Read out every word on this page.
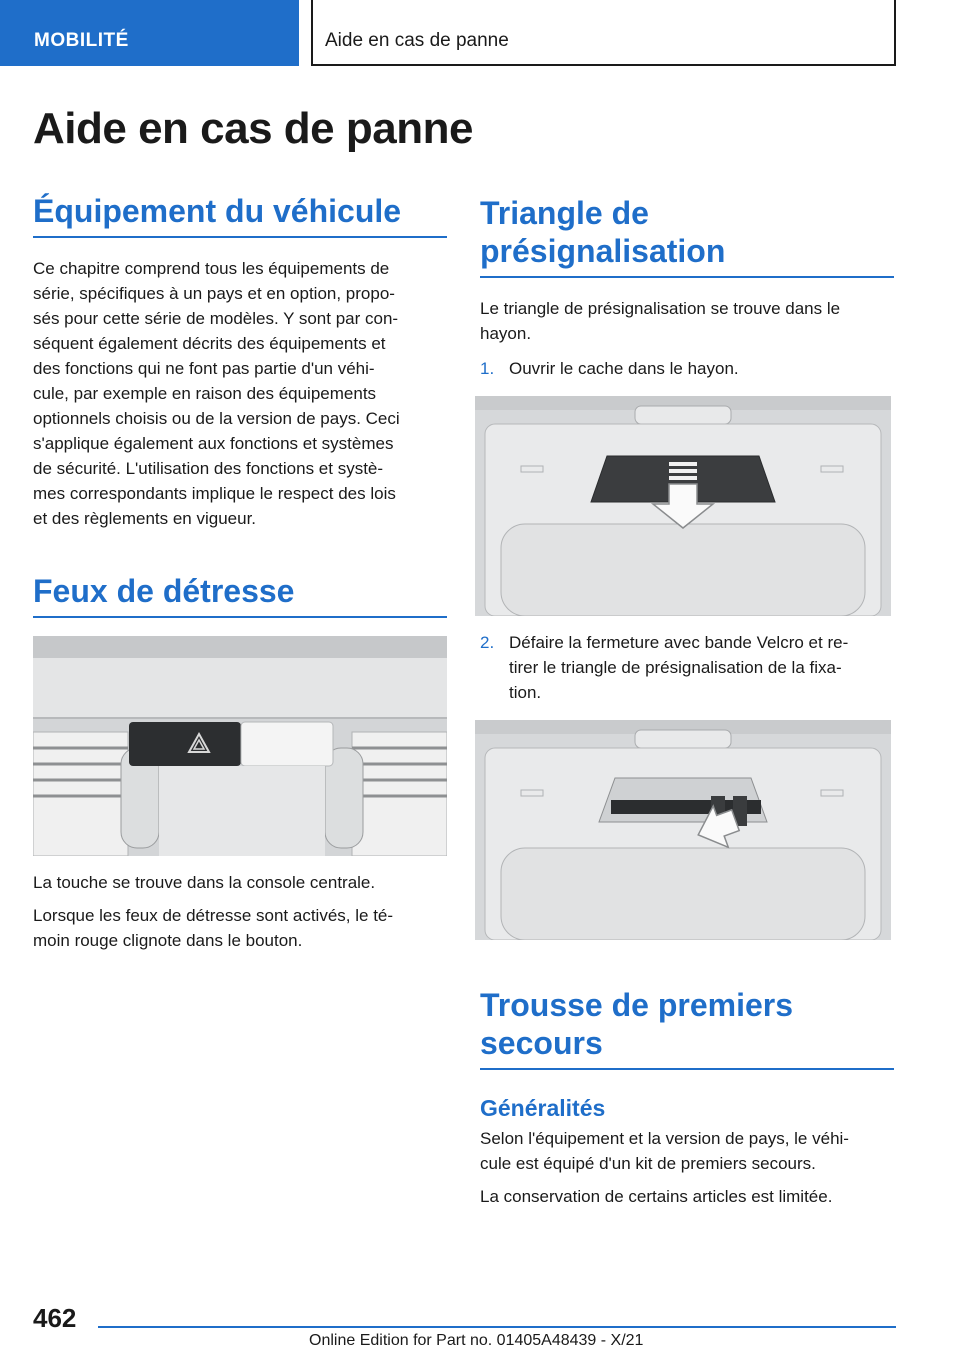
MOBILITÉ	Aide en cas de panne
Aide en cas de panne
Équipement du véhicule
Ce chapitre comprend tous les équipements de
série, spécifiques à un pays et en option, propo-
sés pour cette série de modèles. Y sont par con-
séquent également décrits des équipements et
des fonctions qui ne font pas partie d'un véhi-
cule, par exemple en raison des équipements
optionnels choisis ou de la version de pays. Ceci
s'applique également aux fonctions et systèmes
de sécurité. L'utilisation des fonctions et systè-
mes correspondants implique le respect des lois
et des règlements en vigueur.
Feux de détresse
La touche se trouve dans la console centrale.
Lorsque les feux de détresse sont activés, le té-
moin rouge clignote dans le bouton.
Triangle de
présignalisation
Le triangle de présignalisation se trouve dans le
hayon.
1. Ouvrir le cache dans le hayon.
2. Défaire la fermeture avec bande Velcro et re-
tirer le triangle de présignalisation de la fixa-
tion.
Trousse de premiers
secours
Généralités
Selon l'équipement et la version de pays, le véhi-
cule est équipé d'un kit de premiers secours.
La conservation de certains articles est limitée.
462
Online Edition for Part no. 01405A48439 - X/21
